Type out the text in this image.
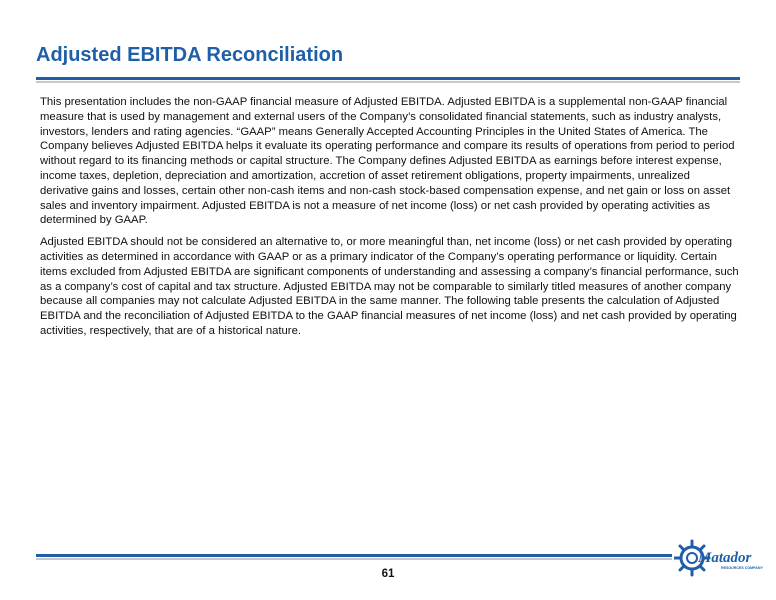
Adjusted EBITDA Reconciliation

This presentation includes the non-GAAP financial measure of Adjusted EBITDA. Adjusted EBITDA is a supplemental non-GAAP financial measure that is used by management and external users of the Company’s consolidated financial statements, such as industry analysts, investors, lenders and rating agencies. “GAAP” means Generally Accepted Accounting Principles in the United States of America. The Company believes Adjusted EBITDA helps it evaluate its operating performance and compare its results of operations from period to period without regard to its financing methods or capital structure. The Company defines Adjusted EBITDA as earnings before interest expense, income taxes, depletion, depreciation and amortization, accretion of asset retirement obligations, property impairments, unrealized derivative gains and losses, certain other non-cash items and non-cash stock-based compensation expense, and net gain or loss on asset sales and inventory impairment. Adjusted EBITDA is not a measure of net income (loss) or net cash provided by operating activities as determined by GAAP.

Adjusted EBITDA should not be considered an alternative to, or more meaningful than, net income (loss) or net cash provided by operating activities as determined in accordance with GAAP or as a primary indicator of the Company’s operating performance or liquidity. Certain items excluded from Adjusted EBITDA are significant components of understanding and assessing a company’s financial performance, such as a company’s cost of capital and tax structure. Adjusted EBITDA may not be comparable to similarly titled measures of another company because all companies may not calculate Adjusted EBITDA in the same manner. The following table presents the calculation of Adjusted EBITDA and the reconciliation of Adjusted EBITDA to the GAAP financial measures of net income (loss) and net cash provided by operating activities, respectively, that are of a historical nature.

61
Matador
RESOURCES COMPANY
